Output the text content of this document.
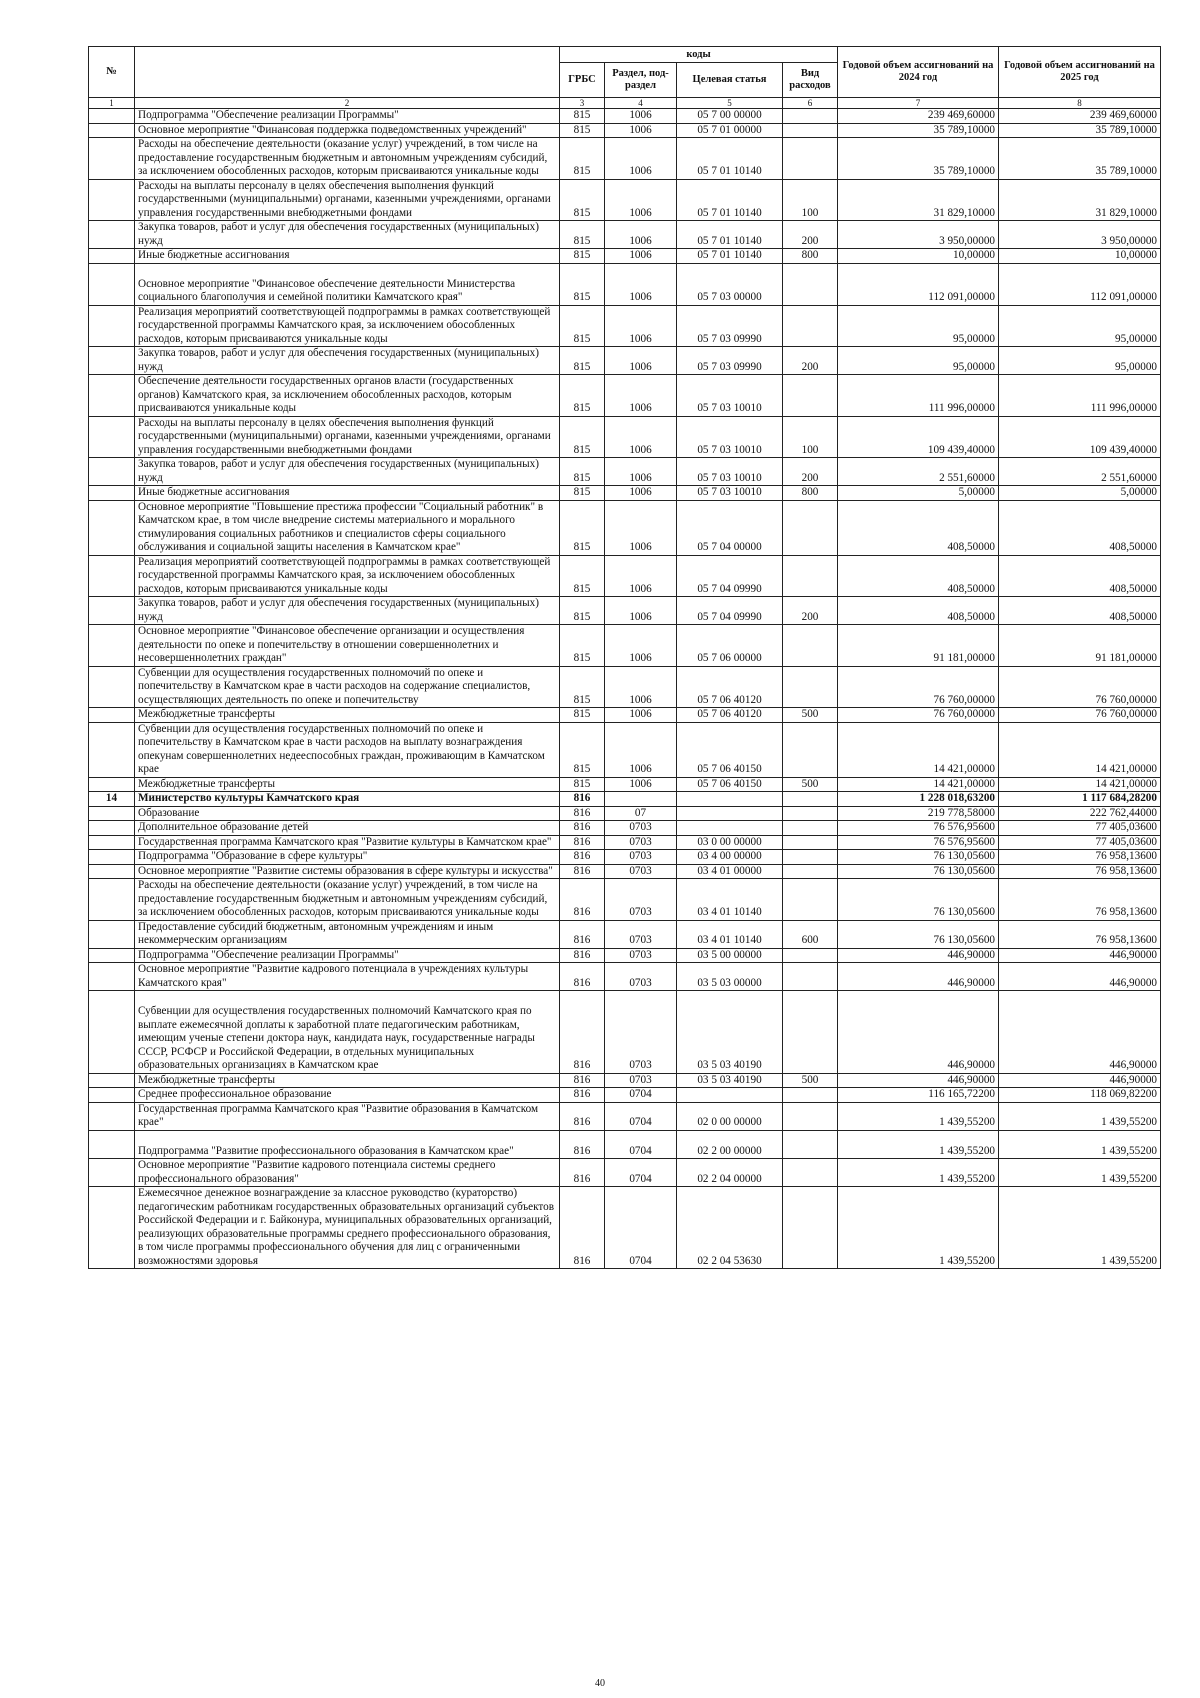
№		коды				Годовой объем ассигнований на 2024 год	Годовой объем ассигнований на 2025 год
		ГРБС	Раздел, под-раздел	Целевая статья	Вид расходов		
1	2	3	4	5	6	7	8
	Подпрограмма "Обеспечение реализации Программы"	815	1006	05 7 00 00000		239 469,60000	239 469,60000
	Основное мероприятие "Финансовая поддержка подведомственных учреждений"	815	1006	05 7 01 00000		35 789,10000	35 789,10000
	Расходы на обеспечение деятельности (оказание услуг) учреждений, в том числе на предоставление государственным бюджетным и автономным учреждениям субсидий, за исключением обособленных расходов, которым присваиваются уникальные коды	815	1006	05 7 01 10140		35 789,10000	35 789,10000
	Расходы на выплаты персоналу в целях обеспечения выполнения функций государственными (муниципальными) органами, казенными учреждениями, органами управления государственными внебюджетными фондами	815	1006	05 7 01 10140	100	31 829,10000	31 829,10000
	Закупка товаров, работ и услуг для обеспечения государственных (муниципальных) нужд	815	1006	05 7 01 10140	200	3 950,00000	3 950,00000
	Иные бюджетные ассигнования	815	1006	05 7 01 10140	800	10,00000	10,00000
	Основное мероприятие "Финансовое обеспечение деятельности Министерства социального благополучия и семейной политики Камчатского края"	815	1006	05 7 03 00000		112 091,00000	112 091,00000
	Реализация мероприятий соответствующей подпрограммы в рамках соответствующей государственной программы Камчатского края, за исключением обособленных расходов, которым присваиваются уникальные коды	815	1006	05 7 03 09990		95,00000	95,00000
	Закупка товаров, работ и услуг для обеспечения государственных (муниципальных) нужд	815	1006	05 7 03 09990	200	95,00000	95,00000
	Обеспечение деятельности государственных органов власти (государственных органов) Камчатского края, за исключением обособленных расходов, которым присваиваются уникальные коды	815	1006	05 7 03 10010		111 996,00000	111 996,00000
	Расходы на выплаты персоналу в целях обеспечения выполнения функций государственными (муниципальными) органами, казенными учреждениями, органами управления государственными внебюджетными фондами	815	1006	05 7 03 10010	100	109 439,40000	109 439,40000
	Закупка товаров, работ и услуг для обеспечения государственных (муниципальных) нужд	815	1006	05 7 03 10010	200	2 551,60000	2 551,60000
	Иные бюджетные ассигнования	815	1006	05 7 03 10010	800	5,00000	5,00000
	Основное мероприятие "Повышение престижа профессии "Социальный работник" в Камчатском крае, в том числе внедрение системы материального и морального стимулирования социальных работников и специалистов сферы социального обслуживания и социальной защиты населения в Камчатском крае"	815	1006	05 7 04 00000		408,50000	408,50000
	Реализация мероприятий соответствующей подпрограммы в рамках соответствующей государственной программы Камчатского края, за исключением обособленных расходов, которым присваиваются уникальные коды	815	1006	05 7 04 09990		408,50000	408,50000
	Закупка товаров, работ и услуг для обеспечения государственных (муниципальных) нужд	815	1006	05 7 04 09990	200	408,50000	408,50000
	Основное мероприятие "Финансовое обеспечение организации и осуществления деятельности по опеке и попечительству в отношении совершеннолетних и несовершеннолетних граждан"	815	1006	05 7 06 00000		91 181,00000	91 181,00000
	Субвенции для осуществления государственных полномочий по опеке и попечительству в Камчатском крае в части расходов на содержание специалистов, осуществляющих деятельность по опеке и попечительству	815	1006	05 7 06 40120		76 760,00000	76 760,00000
	Межбюджетные трансферты	815	1006	05 7 06 40120	500	76 760,00000	76 760,00000
	Субвенции для осуществления государственных полномочий по опеке и попечительству в Камчатском крае в части расходов на выплату вознаграждения опекунам совершеннолетних недееспособных граждан, проживающим в Камчатском крае	815	1006	05 7 06 40150		14 421,00000	14 421,00000
	Межбюджетные трансферты	815	1006	05 7 06 40150	500	14 421,00000	14 421,00000
14	Министерство культуры Камчатского края	816				1 228 018,63200	1 117 684,28200
	Образование	816	07			219 778,58000	222 762,44000
	Дополнительное образование детей	816	0703			76 576,95600	77 405,03600
	Государственная программа Камчатского края "Развитие культуры в Камчатском крае"	816	0703	03 0 00 00000		76 576,95600	77 405,03600
	Подпрограмма "Образование в сфере культуры"	816	0703	03 4 00 00000		76 130,05600	76 958,13600
	Основное мероприятие "Развитие системы образования в сфере культуры и искусства"	816	0703	03 4 01 00000		76 130,05600	76 958,13600
	Расходы на обеспечение деятельности (оказание услуг) учреждений, в том числе на предоставление государственным бюджетным и автономным учреждениям субсидий, за исключением обособленных расходов, которым присваиваются уникальные коды	816	0703	03 4 01 10140		76 130,05600	76 958,13600
	Предоставление субсидий бюджетным, автономным учреждениям и иным некоммерческим организациям	816	0703	03 4 01 10140	600	76 130,05600	76 958,13600
	Подпрограмма "Обеспечение реализации Программы"	816	0703	03 5 00 00000		446,90000	446,90000
	Основное мероприятие "Развитие кадрового потенциала в учреждениях культуры Камчатского края"	816	0703	03 5 03 00000		446,90000	446,90000
	Субвенции для осуществления государственных полномочий Камчатского края по выплате ежемесячной доплаты к заработной плате педагогическим работникам, имеющим ученые степени доктора наук, кандидата наук, государственные награды СССР, РСФСР и Российской Федерации, в отдельных муниципальных образовательных организациях в Камчатском крае	816	0703	03 5 03 40190		446,90000	446,90000
	Межбюджетные трансферты	816	0703	03 5 03 40190	500	446,90000	446,90000
	Среднее профессиональное образование	816	0704			116 165,72200	118 069,82200
	Государственная программа Камчатского края "Развитие образования в Камчатском крае"	816	0704	02 0 00 00000		1 439,55200	1 439,55200
	Подпрограмма "Развитие профессионального образования в Камчатском крае"	816	0704	02 2 00 00000		1 439,55200	1 439,55200
	Основное мероприятие "Развитие кадрового потенциала системы среднего профессионального образования"	816	0704	02 2 04 00000		1 439,55200	1 439,55200
	Ежемесячное денежное вознаграждение за классное руководство (кураторство) педагогическим работникам государственных образовательных организаций субъектов Российской Федерации и г. Байконура, муниципальных образовательных организаций, реализующих образовательные программы среднего профессионального образования, в том числе программы профессионального обучения для лиц с ограниченными возможностями здоровья	816	0704	02 2 04 53630		1 439,55200	1 439,55200
40
